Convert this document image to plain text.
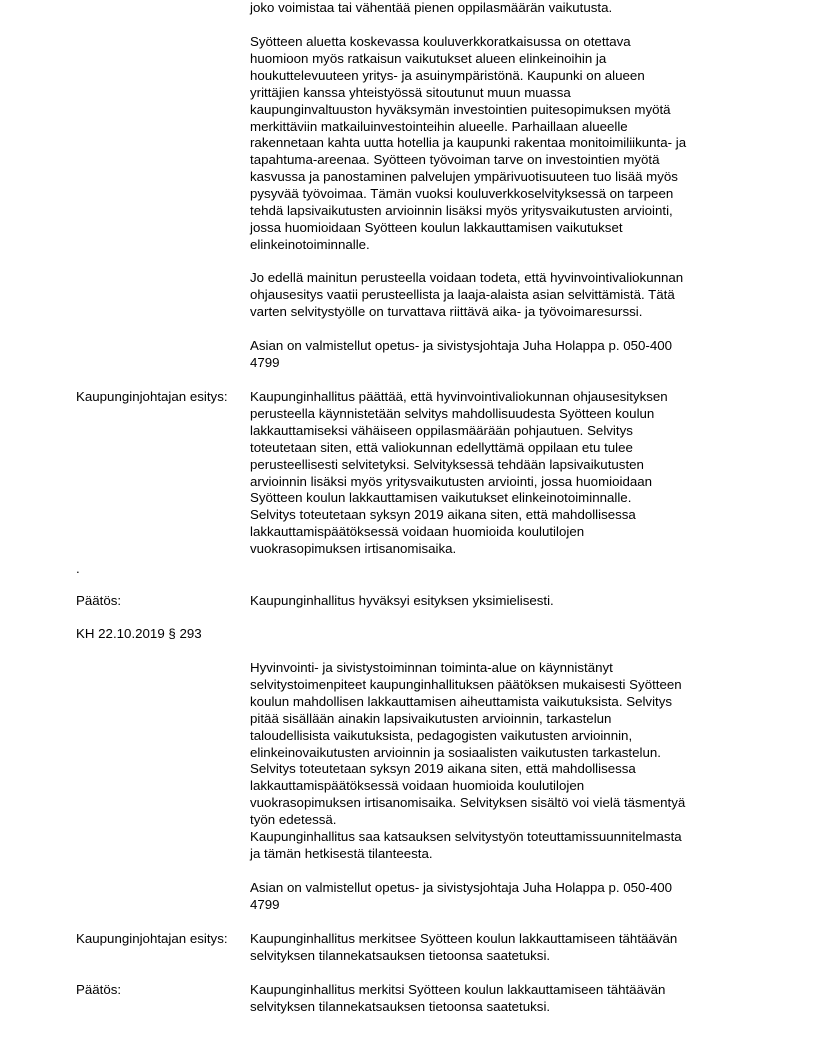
joko voimistaa tai vähentää pienen oppilasmäärän vaikutusta.

Syötteen aluetta koskevassa kouluverkkoratkaisussa on otettava
huomioon myös ratkaisun vaikutukset alueen elinkeinoihin ja
houkuttelevuuteen yritys- ja asuinympäristönä. Kaupunki on alueen
yrittäjien kanssa yhteistyössä sitoutunut muun muassa
kaupunginvaltuuston hyväksymän investointien puitesopimuksen myötä
merkittäviin matkailuinvestointeihin alueelle. Parhaillaan alueelle
rakennetaan kahta uutta hotellia ja kaupunki rakentaa monitoimiliikunta- ja
tapahtuma-areenaa. Syötteen työvoiman tarve on investointien myötä
kasvussa ja panostaminen palvelujen ympärivuotisuuteen tuo lisää myös
pysyvää työvoimaa. Tämän vuoksi kouluverkkoselvityksessä on tarpeen
tehdä lapsivaikutusten arvioinnin lisäksi myös yritysvaikutusten arviointi,
jossa huomioidaan Syötteen koulun lakkauttamisen vaikutukset
elinkeinotoiminnalle.
Jo edellä mainitun perusteella voidaan todeta, että hyvinvointivaliokunnan
ohjausesitys vaatii perusteellista ja laaja-alaista asian selvittämistä. Tätä
varten selvitystyölle on turvattava riittävä aika- ja työvoimaresurssi.
Asian on valmistellut opetus- ja sivistysjohtaja Juha Holappa p. 050-400
4799

Kaupunginjohtajan esitys: Kaupunginhallitus päättää, että hyvinvointivaliokunnan ohjausesityksen
perusteella käynnistetään selvitys mahdollisuudesta Syötteen koulun
lakkauttamiseksi vähäiseen oppilasmäärään pohjautuen. Selvitys
toteutetaan siten, että valiokunnan edellyttämä oppilaan etu tulee
perusteellisesti selvitetyksi. Selvityksessä tehdään lapsivaikutusten
arvioinnin lisäksi myös yritysvaikutusten arviointi, jossa huomioidaan
Syötteen koulun lakkauttamisen vaikutukset elinkeinotoiminnalle.
Selvitys toteutetaan syksyn 2019 aikana siten, että mahdollisessa
lakkauttamispäätöksessä voidaan huomioida koulutilojen
vuokrasopimuksen irtisanomisaika.

.

Päätös:	Kaupunginhallitus hyväksyi esityksen yksimielisesti.

KH 22.10.2019 § 293

Hyvinvointi- ja sivistystoiminnan toiminta-alue on käynnistänyt
selvitystoimenpiteet kaupunginhallituksen päätöksen mukaisesti Syötteen
koulun mahdollisen lakkauttamisen aiheuttamista vaikutuksista. Selvitys
pitää sisällään ainakin lapsivaikutusten arvioinnin, tarkastelun
taloudellisista vaikutuksista, pedagogisten vaikutusten arvioinnin,
elinkeinovaikutusten arvioinnin ja sosiaalisten vaikutusten tarkastelun.
Selvitys toteutetaan syksyn 2019 aikana siten, että mahdollisessa
lakkauttamispäätöksessä voidaan huomioida koulutilojen
vuokrasopimuksen irtisanomisaika. Selvityksen sisältö voi vielä täsmentyä
työn edetessä.
Kaupunginhallitus saa katsauksen selvitystyön toteuttamissuunnitelmasta
ja tämän hetkisestä tilanteesta.
Asian on valmistellut opetus- ja sivistysjohtaja Juha Holappa p. 050-400
4799

Kaupunginjohtajan esitys: Kaupunginhallitus merkitsee Syötteen koulun lakkauttamiseen tähtäävän
selvityksen tilannekatsauksen tietoonsa saatetuksi.

Päätös:	Kaupunginhallitus merkitsi Syötteen koulun lakkauttamiseen tähtäävän
selvityksen tilannekatsauksen tietoonsa saatetuksi.
